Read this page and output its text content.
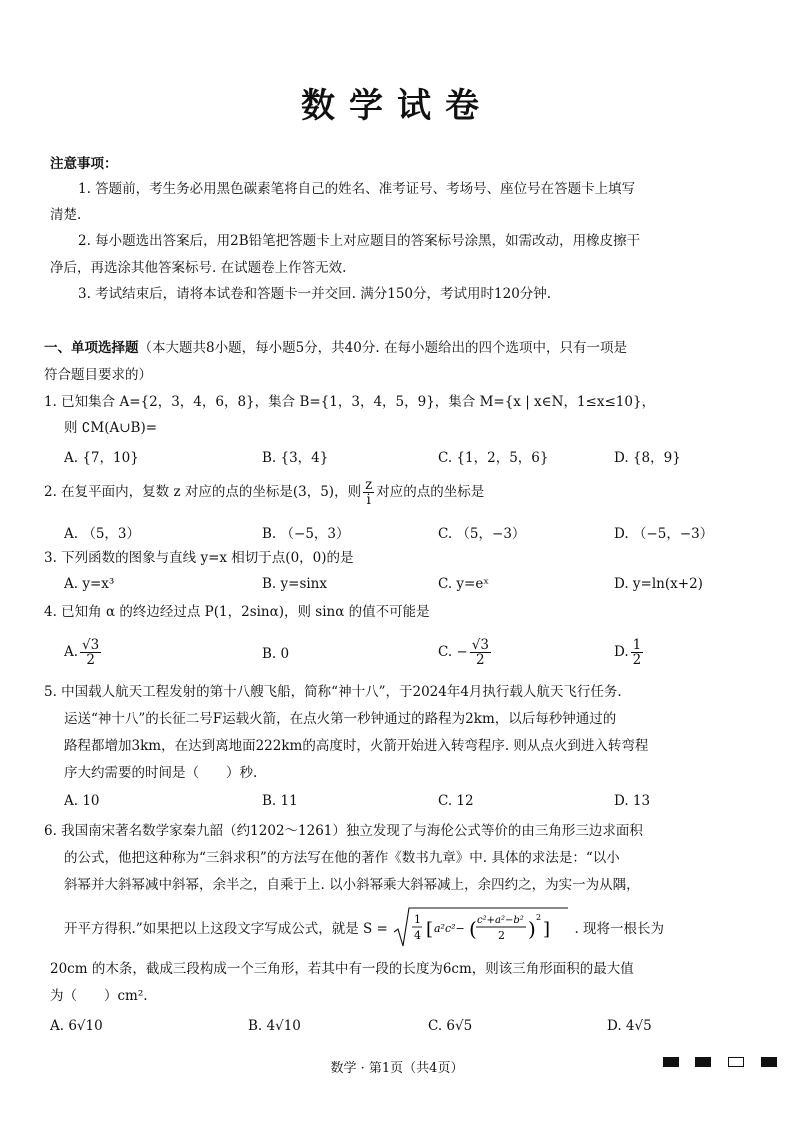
数学试卷
注意事项：
1. 答题前，考生务必用黑色碳素笔将自己的姓名、准考证号、考场号、座位号在答题卡上填写
清楚.
2. 每小题选出答案后，用2B铅笔把答题卡上对应题目的答案标号涂黑，如需改动，用橡皮擦干
净后，再选涂其他答案标号. 在试题卷上作答无效.
3. 考试结束后，请将本试卷和答题卡一并交回. 满分150分，考试用时120分钟.
一、单项选择题（本大题共8小题，每小题5分，共40分. 在每小题给出的四个选项中，只有一项是
符合题目要求的）
1. 已知集合 A={2，3，4，6，8}，集合 B={1，3，4，5，9}，集合 M={x | x∈N，1≤x≤10}，
则 ∁M(A∪B)=
A. {7，10}	B. {3，4}	C. {1，2，5，6}	D. {8，9}
2. 在复平面内，复数 z 对应的点的坐标是(3，5)，则 $\frac{z}{i}$ 对应的点的坐标是
A. （5，3）	B. （−5，3）	C. （5，−3）	D. （−5，−3）
3. 下列函数的图象与直线 y=x 相切于点(0，0)的是
A. y=x³	B. y=sinx	C. y=eˣ	D. y=ln(x+2)
4. 已知角 α 的终边经过点 P(1，2sinα)，则 sinα 的值不可能是
A. $\frac{√3}{2}$	B. 0	C. − $\frac{√3}{2}$	D. $\frac{1}{2}$
5. 中国载人航天工程发射的第十八艘飞船，简称“神十八”，于2024年4月执行载人航天飞行任务.
运送“神十八”的长征二号F运载火箭，在点火第一秒钟通过的路程为2km，以后每秒钟通过的
路程都增加3km，在达到离地面222km的高度时，火箭开始进入转弯程序. 则从点火到进入转弯程
序大约需要的时间是（　　）秒.
A. 10	B. 11	C. 12	D. 13
6. 我国南宋著名数学家秦九韶（约1202～1261）独立发现了与海伦公式等价的由三角形三边求面积
的公式，他把这种称为“三斜求积”的方法写在他的著作《数书九章》中. 具体的求法是：“以小
斜幂并大斜幂减中斜幂，余半之，自乘于上. 以小斜幂乘大斜幂减上，余四约之，为实一为从隅，
开平方得积.”如果把以上这段文字写成公式，就是 S =
1
4 [ a²c²− ( c²+a²−b²
2 ) 2
] . 现将一根长为
20cm 的木条，截成三段构成一个三角形，若其中有一段的长度为6cm，则该三角形面积的最大值
为（　　）cm².
A. 6√10	B. 4√10	C. 6√5	D. 4√5
数学 · 第1页（共4页）
